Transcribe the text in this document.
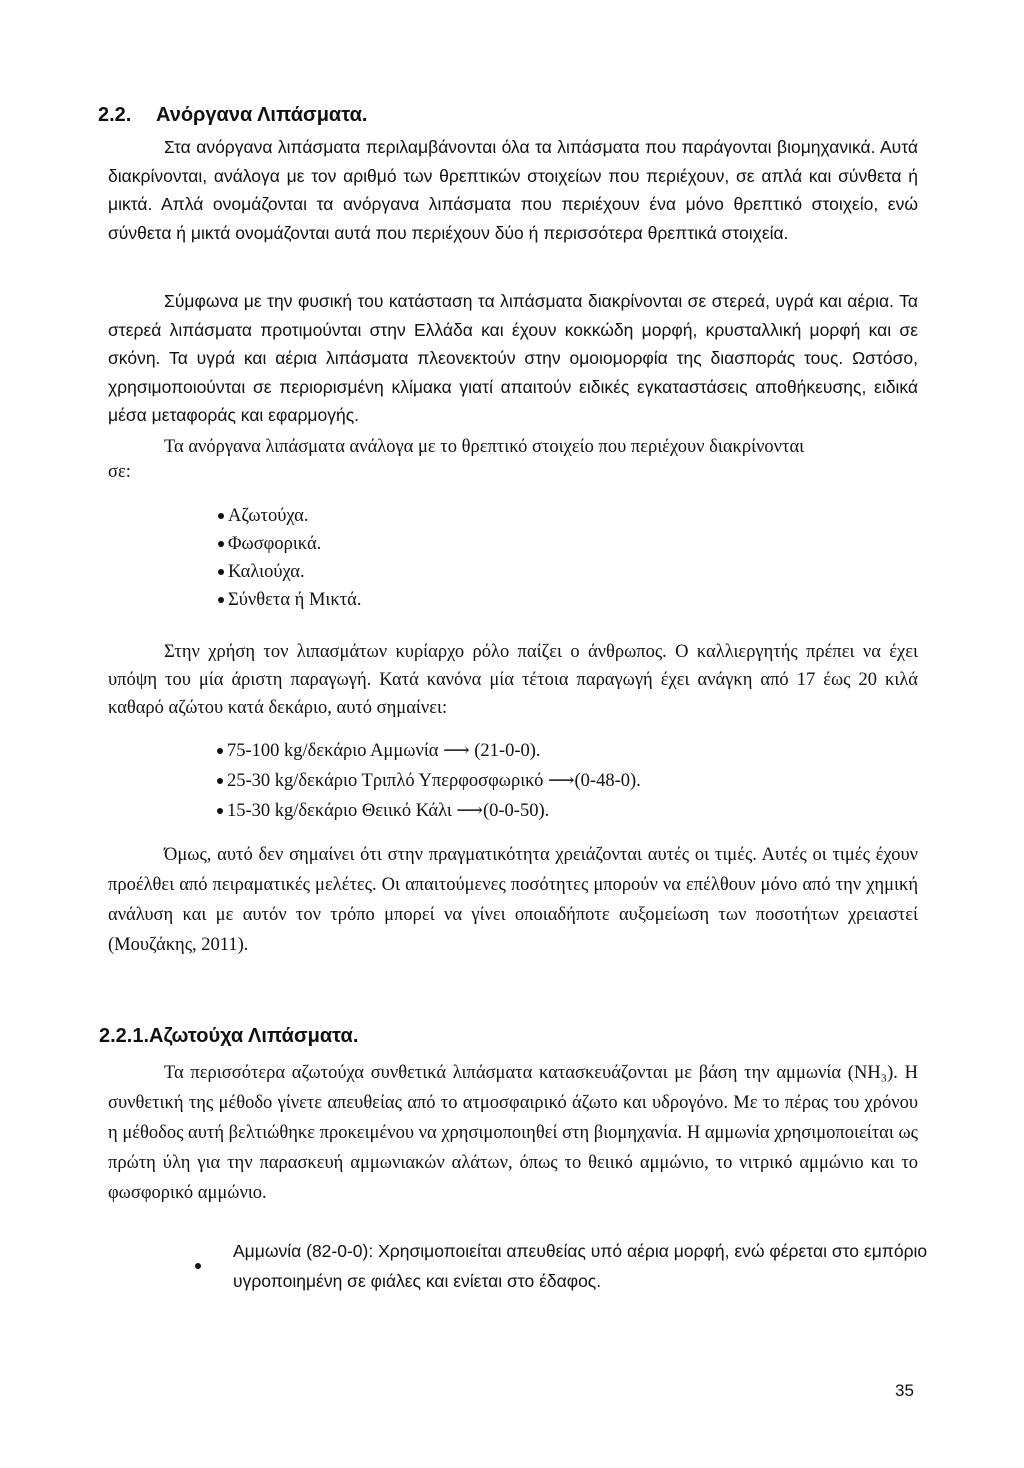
2.2. Ανόργανα Λιπάσματα.

Στα ανόργανα λιπάσματα περιλαμβάνονται όλα τα λιπάσματα που παράγονται βιομηχανικά. Αυτά διακρίνονται, ανάλογα με τον αριθμό των θρεπτικών στοιχείων που περιέχουν, σε απλά και σύνθετα ή μικτά. Απλά ονομάζονται τα ανόργανα λιπάσματα που περιέχουν ένα μόνο θρεπτικό στοιχείο, ενώ σύνθετα ή μικτά ονομάζονται αυτά που περιέχουν δύο ή περισσότερα θρεπτικά στοιχεία.

Σύμφωνα με την φυσική του κατάσταση τα λιπάσματα διακρίνονται σε στερεά, υγρά και αέρια. Τα στερεά λιπάσματα προτιμούνται στην Ελλάδα και έχουν κοκκώδη μορφή, κρυσταλλική μορφή και σε σκόνη. Τα υγρά και αέρια λιπάσματα πλεονεκτούν στην ομοιομορφία της διασποράς τους. Ωστόσο, χρησιμοποιούνται σε περιορισμένη κλίμακα γιατί απαιτούν ειδικές εγκαταστάσεις αποθήκευσης, ειδικά μέσα μεταφοράς και εφαρμογής.

Τα ανόργανα λιπάσματα ανάλογα με το θρεπτικό στοιχείο που περιέχουν διακρίνονται

σε:
Αζωτούχα.
Φωσφορικά.
Καλιούχα.
Σύνθετα ή Μικτά.

Στην χρήση τον λιπασμάτων κυρίαρχο ρόλο παίζει ο άνθρωπος. Ο καλλιεργητής πρέπει να έχει υπόψη του μία άριστη παραγωγή. Κατά κανόνα μία τέτοια παραγωγή έχει ανάγκη από 17 έως 20 κιλά καθαρό αζώτου κατά δεκάριο, αυτό σημαίνει:

75-100 kg/δεκάριο Αμμωνία ⟶ (21-0-0).
25-30 kg/δεκάριο Τριπλό Υπερφοσφωρικό ⟶(0-48-0).
15-30 kg/δεκάριο Θειικό Κάλι ⟶(0-0-50).

Όμως, αυτό δεν σημαίνει ότι στην πραγματικότητα χρειάζονται αυτές οι τιμές. Αυτές οι τιμές έχουν προέλθει από πειραματικές μελέτες. Οι απαιτούμενες ποσότητες μπορούν να επέλθουν μόνο από την χημική ανάλυση και με αυτόν τον τρόπο μπορεί να γίνει οποιαδήποτε αυξομείωση των ποσοτήτων χρειαστεί (Μουζάκης, 2011).

2.2.1.Αζωτούχα Λιπάσματα.

Τα περισσότερα αζωτούχα συνθετικά λιπάσματα κατασκευάζονται με βάση την αμμωνία (NH₃). Η συνθετική της μέθοδο γίνετε απευθείας από το ατμοσφαιρικό άζωτο και υδρογόνο. Με το πέρας του χρόνου η μέθοδος αυτή βελτιώθηκε προκειμένου να χρησιμοποιηθεί στη βιομηχανία. Η αμμωνία χρησιμοποιείται ως πρώτη ύλη για την παρασκευή αμμωνιακών αλάτων, όπως το θειικό αμμώνιο, το νιτρικό αμμώνιο και το φωσφορικό αμμώνιο.

Αμμωνία (82-0-0): Χρησιμοποιείται απευθείας υπό αέρια μορφή, ενώ φέρεται στο εμπόριο υγροποιημένη σε φιάλες και ενίεται στο έδαφος.
35
